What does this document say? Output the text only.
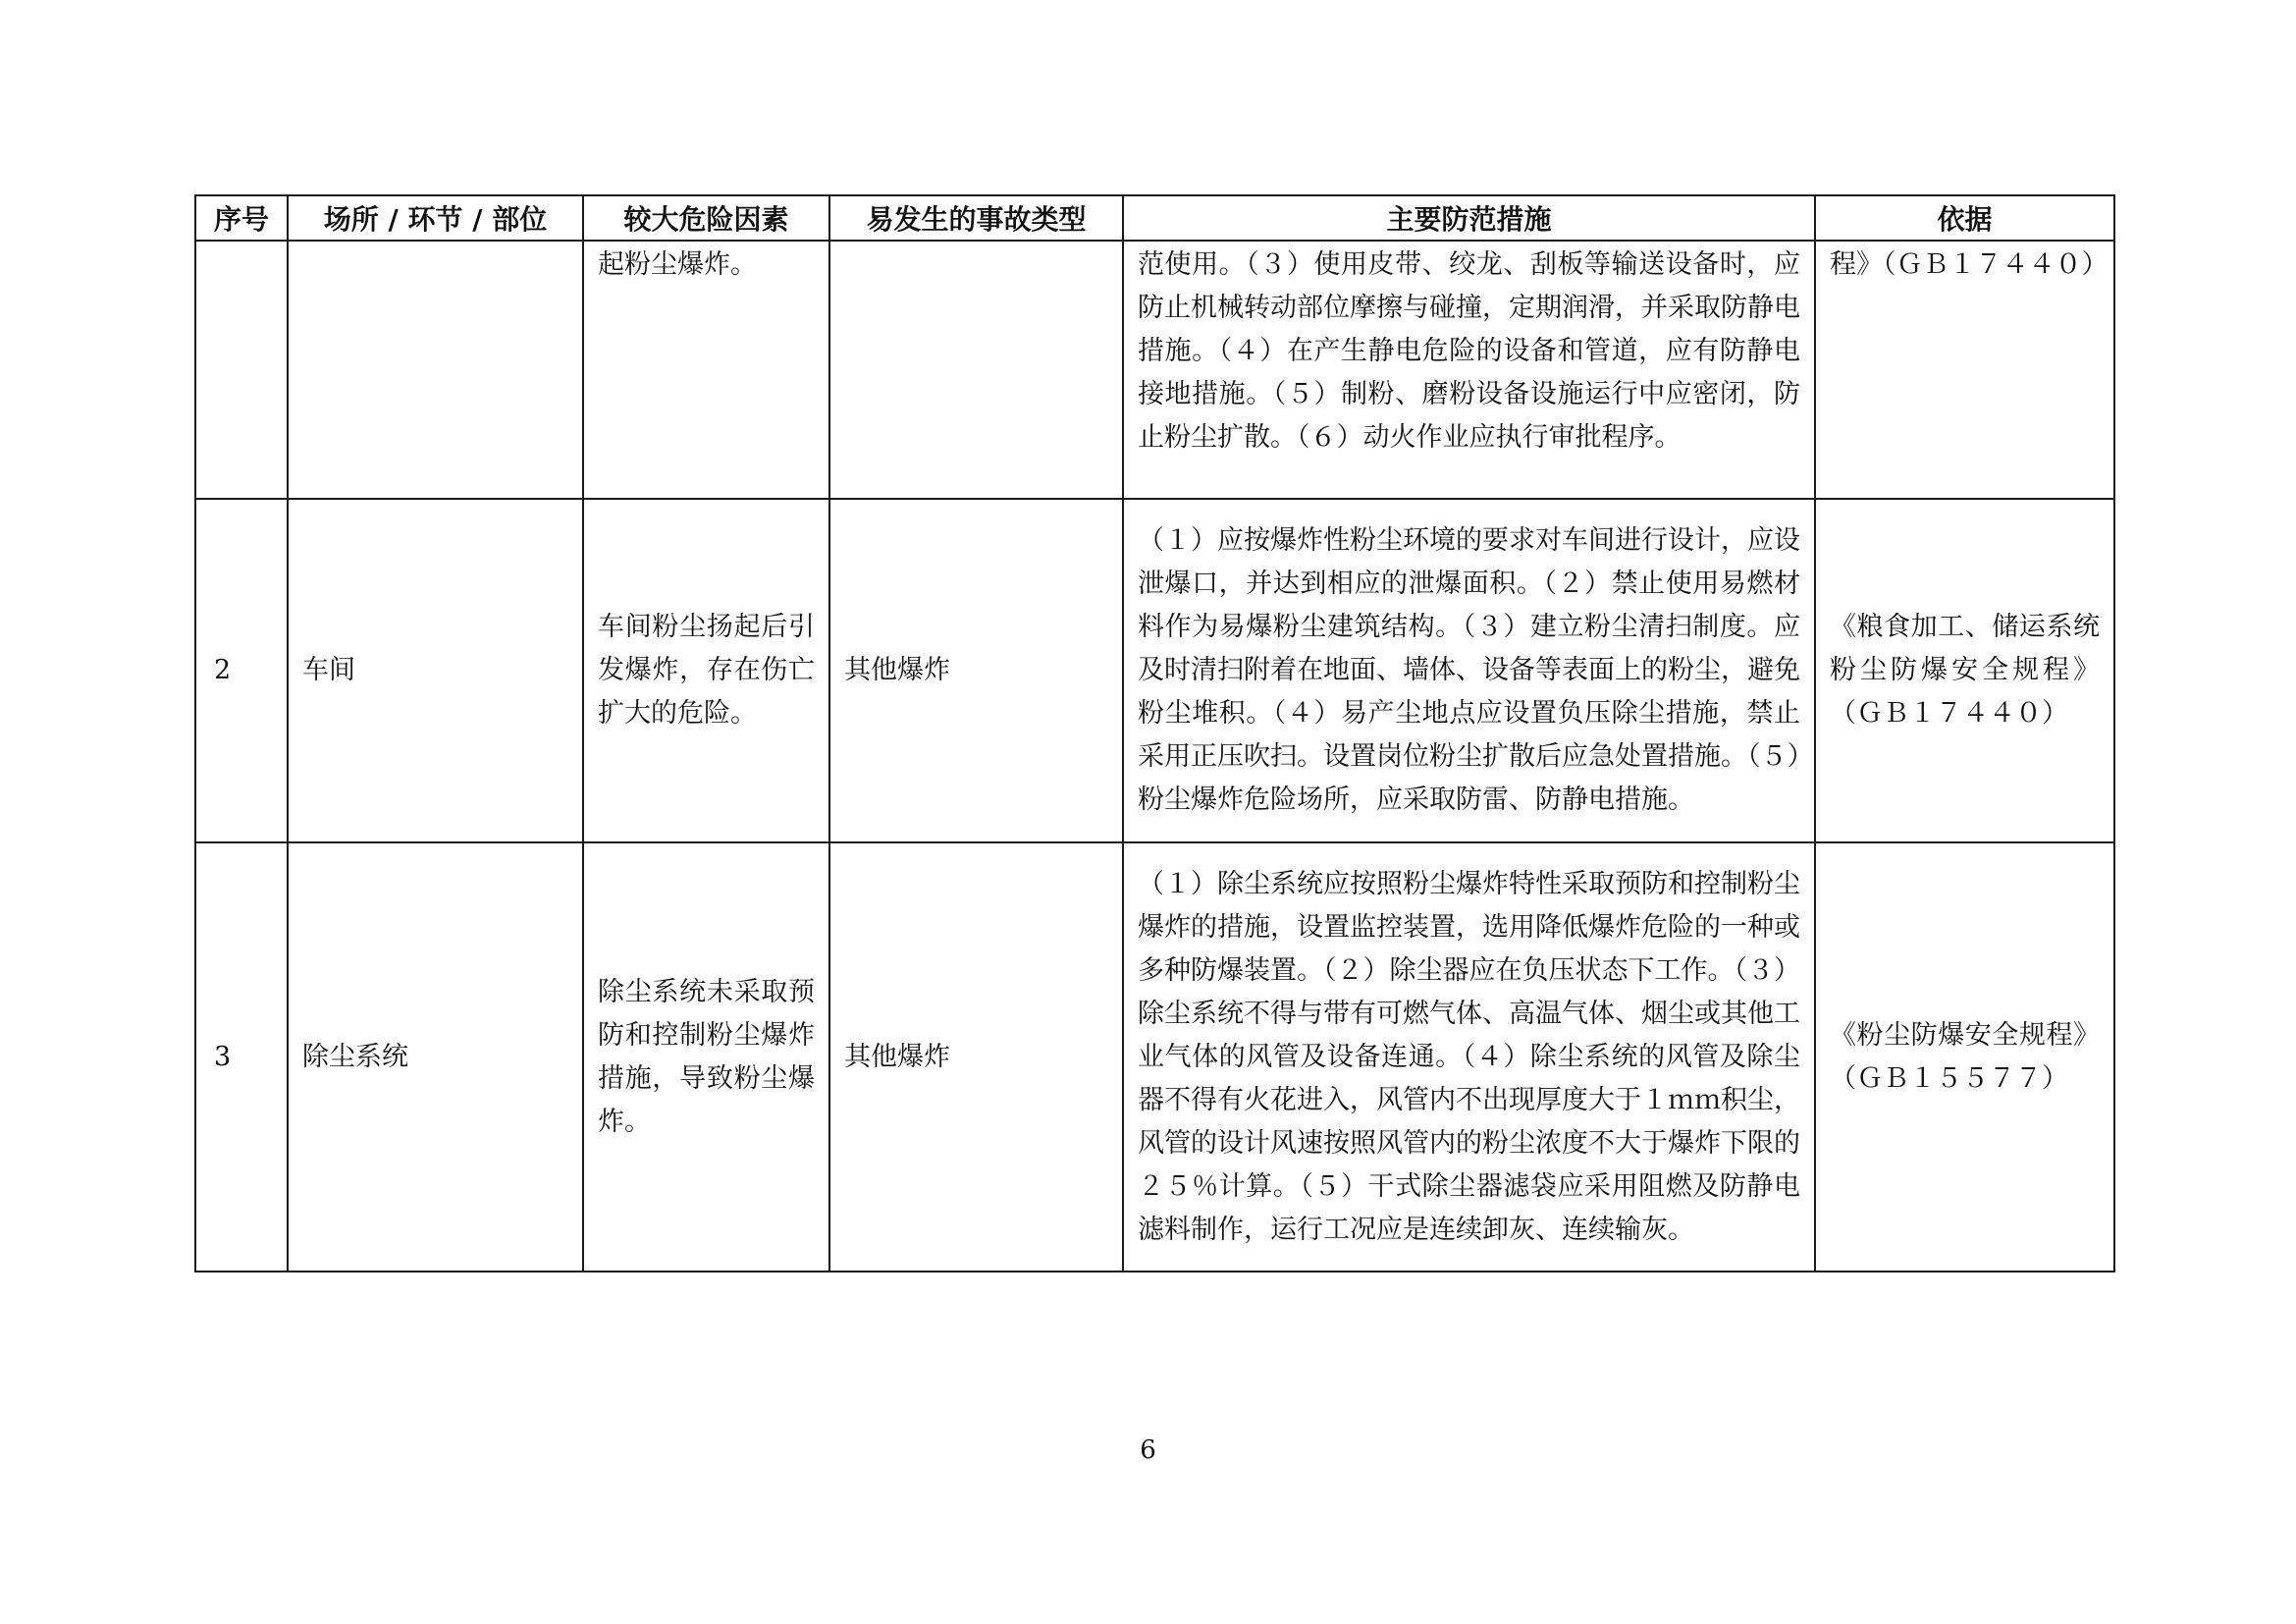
序号	场所 / 环节 / 部位	较大危险因素	易发生的事故类型	主要防范措施	依据
		起粉尘爆炸。		范使用。（３）使用皮带、绞龙、刮板等输送设备时，应防止机械转动部位摩擦与碰撞，定期润滑，并采取防静电措施。（４）在产生静电危险的设备和管道，应有防静电接地措施。（５）制粉、磨粉设备设施运行中应密闭，防止粉尘扩散。（６）动火作业应执行审批程序。	程》（ＧＢ１７４４０）
2	车间	车间粉尘扬起后引发爆炸，存在伤亡扩大的危险。	其他爆炸	（１）应按爆炸性粉尘环境的要求对车间进行设计，应设泄爆口，并达到相应的泄爆面积。（２）禁止使用易燃材料作为易爆粉尘建筑结构。（３）建立粉尘清扫制度。应及时清扫附着在地面、墙体、设备等表面上的粉尘，避免粉尘堆积。（４）易产尘地点应设置负压除尘措施，禁止采用正压吹扫。设置岗位粉尘扩散后应急处置措施。（５）粉尘爆炸危险场所，应采取防雷、防静电措施。	《粮食加工、储运系统粉尘防爆安全规程》（ＧＢ１７４４０）
3	除尘系统	除尘系统未采取预防和控制粉尘爆炸措施，导致粉尘爆炸。	其他爆炸	（１）除尘系统应按照粉尘爆炸特性采取预防和控制粉尘爆炸的措施，设置监控装置，选用降低爆炸危险的一种或多种防爆装置。（２）除尘器应在负压状态下工作。（３）除尘系统不得与带有可燃气体、高温气体、烟尘或其他工业气体的风管及设备连通。（４）除尘系统的风管及除尘器不得有火花进入，风管内不出现厚度大于１ｍｍ积尘，风管的设计风速按照风管内的粉尘浓度不大于爆炸下限的２５％计算。（５）干式除尘器滤袋应采用阻燃及防静电滤料制作，运行工况应是连续卸灰、连续输灰。	《粉尘防爆安全规程》（ＧＢ１５５７７）
6
